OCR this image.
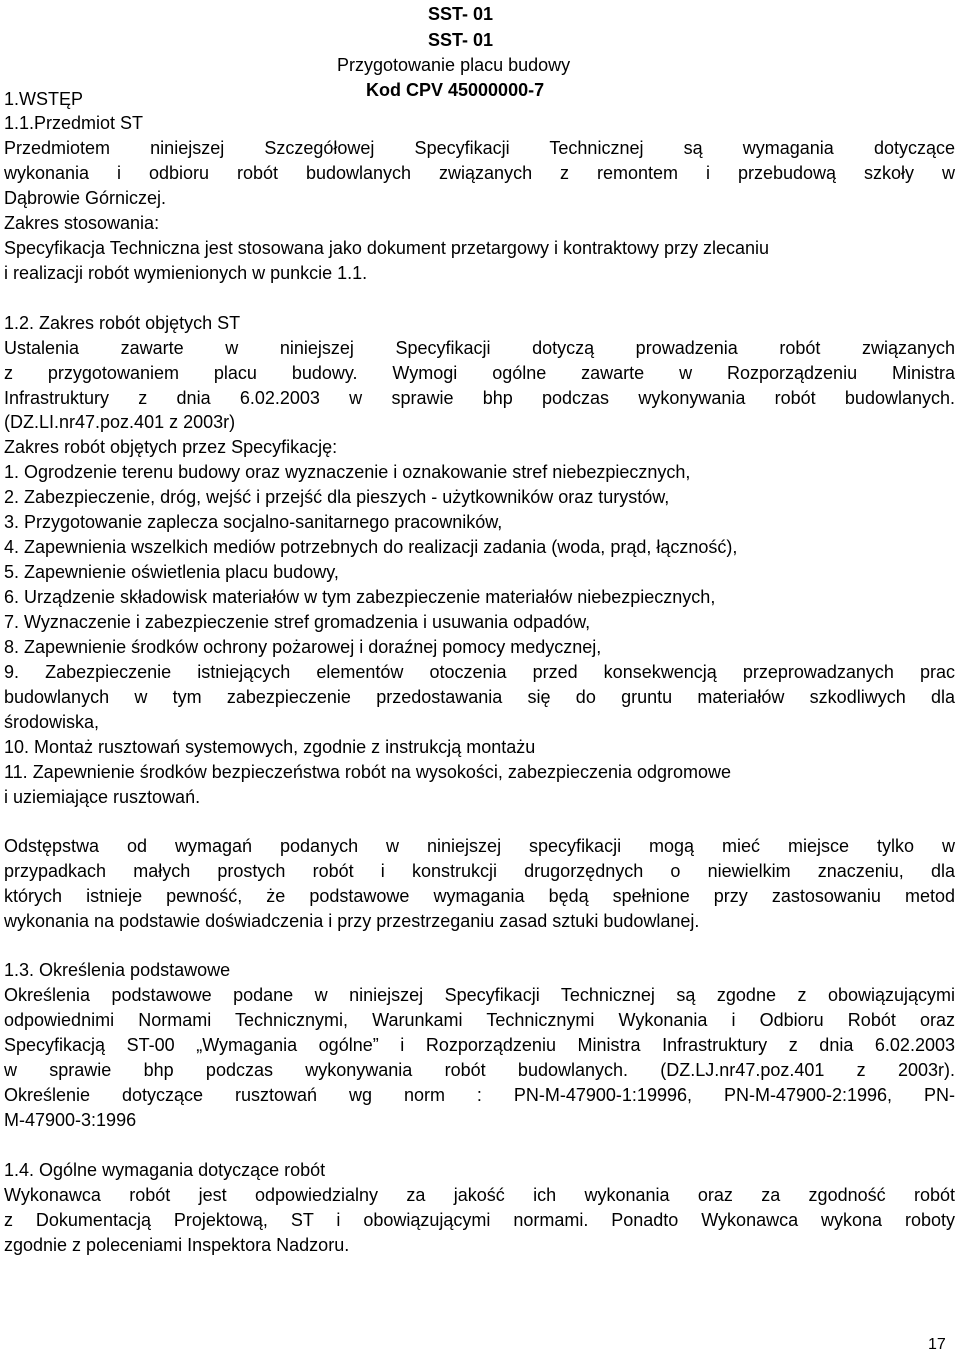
SST- 01
SST- 01
Przygotowanie placu budowy
1.WSTĘP	Kod CPV 45000000-7
1.1.Przedmiot ST
Przedmiotem niniejszej Szczegółowej Specyfikacji Technicznej są wymagania dotyczące
wykonania i odbioru robót budowlanych związanych z remontem i przebudową szkoły w
Dąbrowie Górniczej.
Zakres stosowania:
Specyfikacja Techniczna jest stosowana jako dokument przetargowy i kontraktowy przy zlecaniu
i realizacji robót wymienionych w punkcie 1.1.
1.2. Zakres robót objętych ST
Ustalenia zawarte w niniejszej Specyfikacji dotyczą prowadzenia robót związanych
z przygotowaniem placu budowy. Wymogi ogólne zawarte w Rozporządzeniu Ministra
Infrastruktury z dnia 6.02.2003 w sprawie bhp podczas wykonywania robót budowlanych.
(DZ.LI.nr47.poz.401 z 2003r)
Zakres robót objętych przez Specyfikację:
1. Ogrodzenie terenu budowy oraz wyznaczenie i oznakowanie stref niebezpiecznych,
2. Zabezpieczenie, dróg, wejść i przejść dla pieszych - użytkowników oraz turystów,
3. Przygotowanie zaplecza socjalno-sanitarnego pracowników,
4. Zapewnienia wszelkich mediów potrzebnych do realizacji zadania (woda, prąd, łączność),
5. Zapewnienie oświetlenia placu budowy,
6. Urządzenie składowisk materiałów w tym zabezpieczenie materiałów niebezpiecznych,
7. Wyznaczenie i zabezpieczenie stref gromadzenia i usuwania odpadów,
8. Zapewnienie środków ochrony pożarowej i doraźnej pomocy medycznej,
9. Zabezpieczenie istniejących elementów otoczenia przed konsekwencją przeprowadzanych prac
budowlanych w tym zabezpieczenie przedostawania się do gruntu materiałów szkodliwych dla
środowiska,
10. Montaż rusztowań systemowych, zgodnie z instrukcją montażu
11. Zapewnienie środków bezpieczeństwa robót na wysokości, zabezpieczenia odgromowe
i uziemiające rusztowań.
Odstępstwa od wymagań podanych w niniejszej specyfikacji mogą mieć miejsce tylko w
przypadkach małych prostych robót i konstrukcji drugorzędnych o niewielkim znaczeniu, dla
których istnieje pewność, że podstawowe wymagania będą spełnione przy zastosowaniu metod
wykonania na podstawie doświadczenia i przy przestrzeganiu zasad sztuki budowlanej.
1.3. Określenia podstawowe
Określenia podstawowe podane w niniejszej Specyfikacji Technicznej są zgodne z obowiązującymi
odpowiednimi Normami Technicznymi, Warunkami Technicznymi Wykonania i Odbioru Robót oraz
Specyfikacją ST-00 „Wymagania ogólne” i Rozporządzeniu Ministra Infrastruktury z dnia 6.02.2003
w sprawie bhp podczas wykonywania robót budowlanych. (DZ.LJ.nr47.poz.401 z 2003r).
Określenie dotyczące rusztowań wg norm : PN-M-47900-1:19996, PN-M-47900-2:1996, PN-
M-47900-3:1996
1.4. Ogólne wymagania dotyczące robót
Wykonawca robót jest odpowiedzialny za jakość ich wykonania oraz za zgodność robót
z Dokumentacją Projektową, ST i obowiązującymi normami. Ponadto Wykonawca wykona roboty
zgodnie z poleceniami Inspektora Nadzoru.
17
